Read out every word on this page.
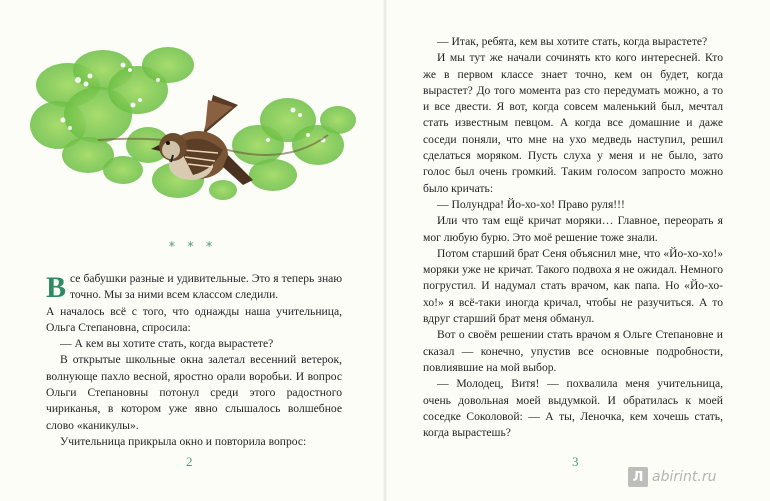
* * *

Все бабушки разные и удивительные. Это я теперь знаю точно. Мы за ними всем классом следили.

А началось всё с того, что однажды наша учительница, Ольга Степановна, спросила:

— А кем вы хотите стать, когда вырастете?

В открытые школьные окна залетал весенний ветерок, волнующе пахло весной, яростно орали воробьи. И вопрос Ольги Степановны потонул среди этого радостного чириканья, в котором уже явно слышалось волшебное слово «каникулы».

Учительница прикрыла окно и повторила вопрос:

2	3

— Итак, ребята, кем вы хотите стать, когда вырастете?

И мы тут же начали сочинять кто кого интересней. Кто же в первом классе знает точно, кем он будет, когда вырастет? До того момента раз сто передумать можно, а то и все двести. Я вот, когда совсем маленький был, мечтал стать известным певцом. А когда все домашние и даже соседи поняли, что мне на ухо медведь наступил, решил сделаться моряком. Пусть слуха у меня и не было, зато голос был очень громкий. Таким голосом запросто можно было кричать:

— Полундра! Йо-хо-хо! Право руля!!!

Или что там ещё кричат моряки… Главное, переорать я мог любую бурю. Это моё решение тоже знали.

Потом старший брат Сеня объяснил мне, что «Йо-хо-хо!» моряки уже не кричат. Такого подвоха я не ожидал. Немного погрустил. И надумал стать врачом, как папа. Но «Йо-хо-хо!» я всё-таки иногда кричал, чтобы не разучиться. А то вдруг старший брат меня обманул.

Вот о своём решении стать врачом я Ольге Степановне и сказал — конечно, упустив все основные подробности, повлиявшие на мой выбор.

— Молодец, Витя! — похвалила меня учительница, очень довольная моей выдумкой. И обратилась к моей соседке Соколовой: — А ты, Леночка, кем хочешь стать, когда вырастешь?

Л abirint.ru
